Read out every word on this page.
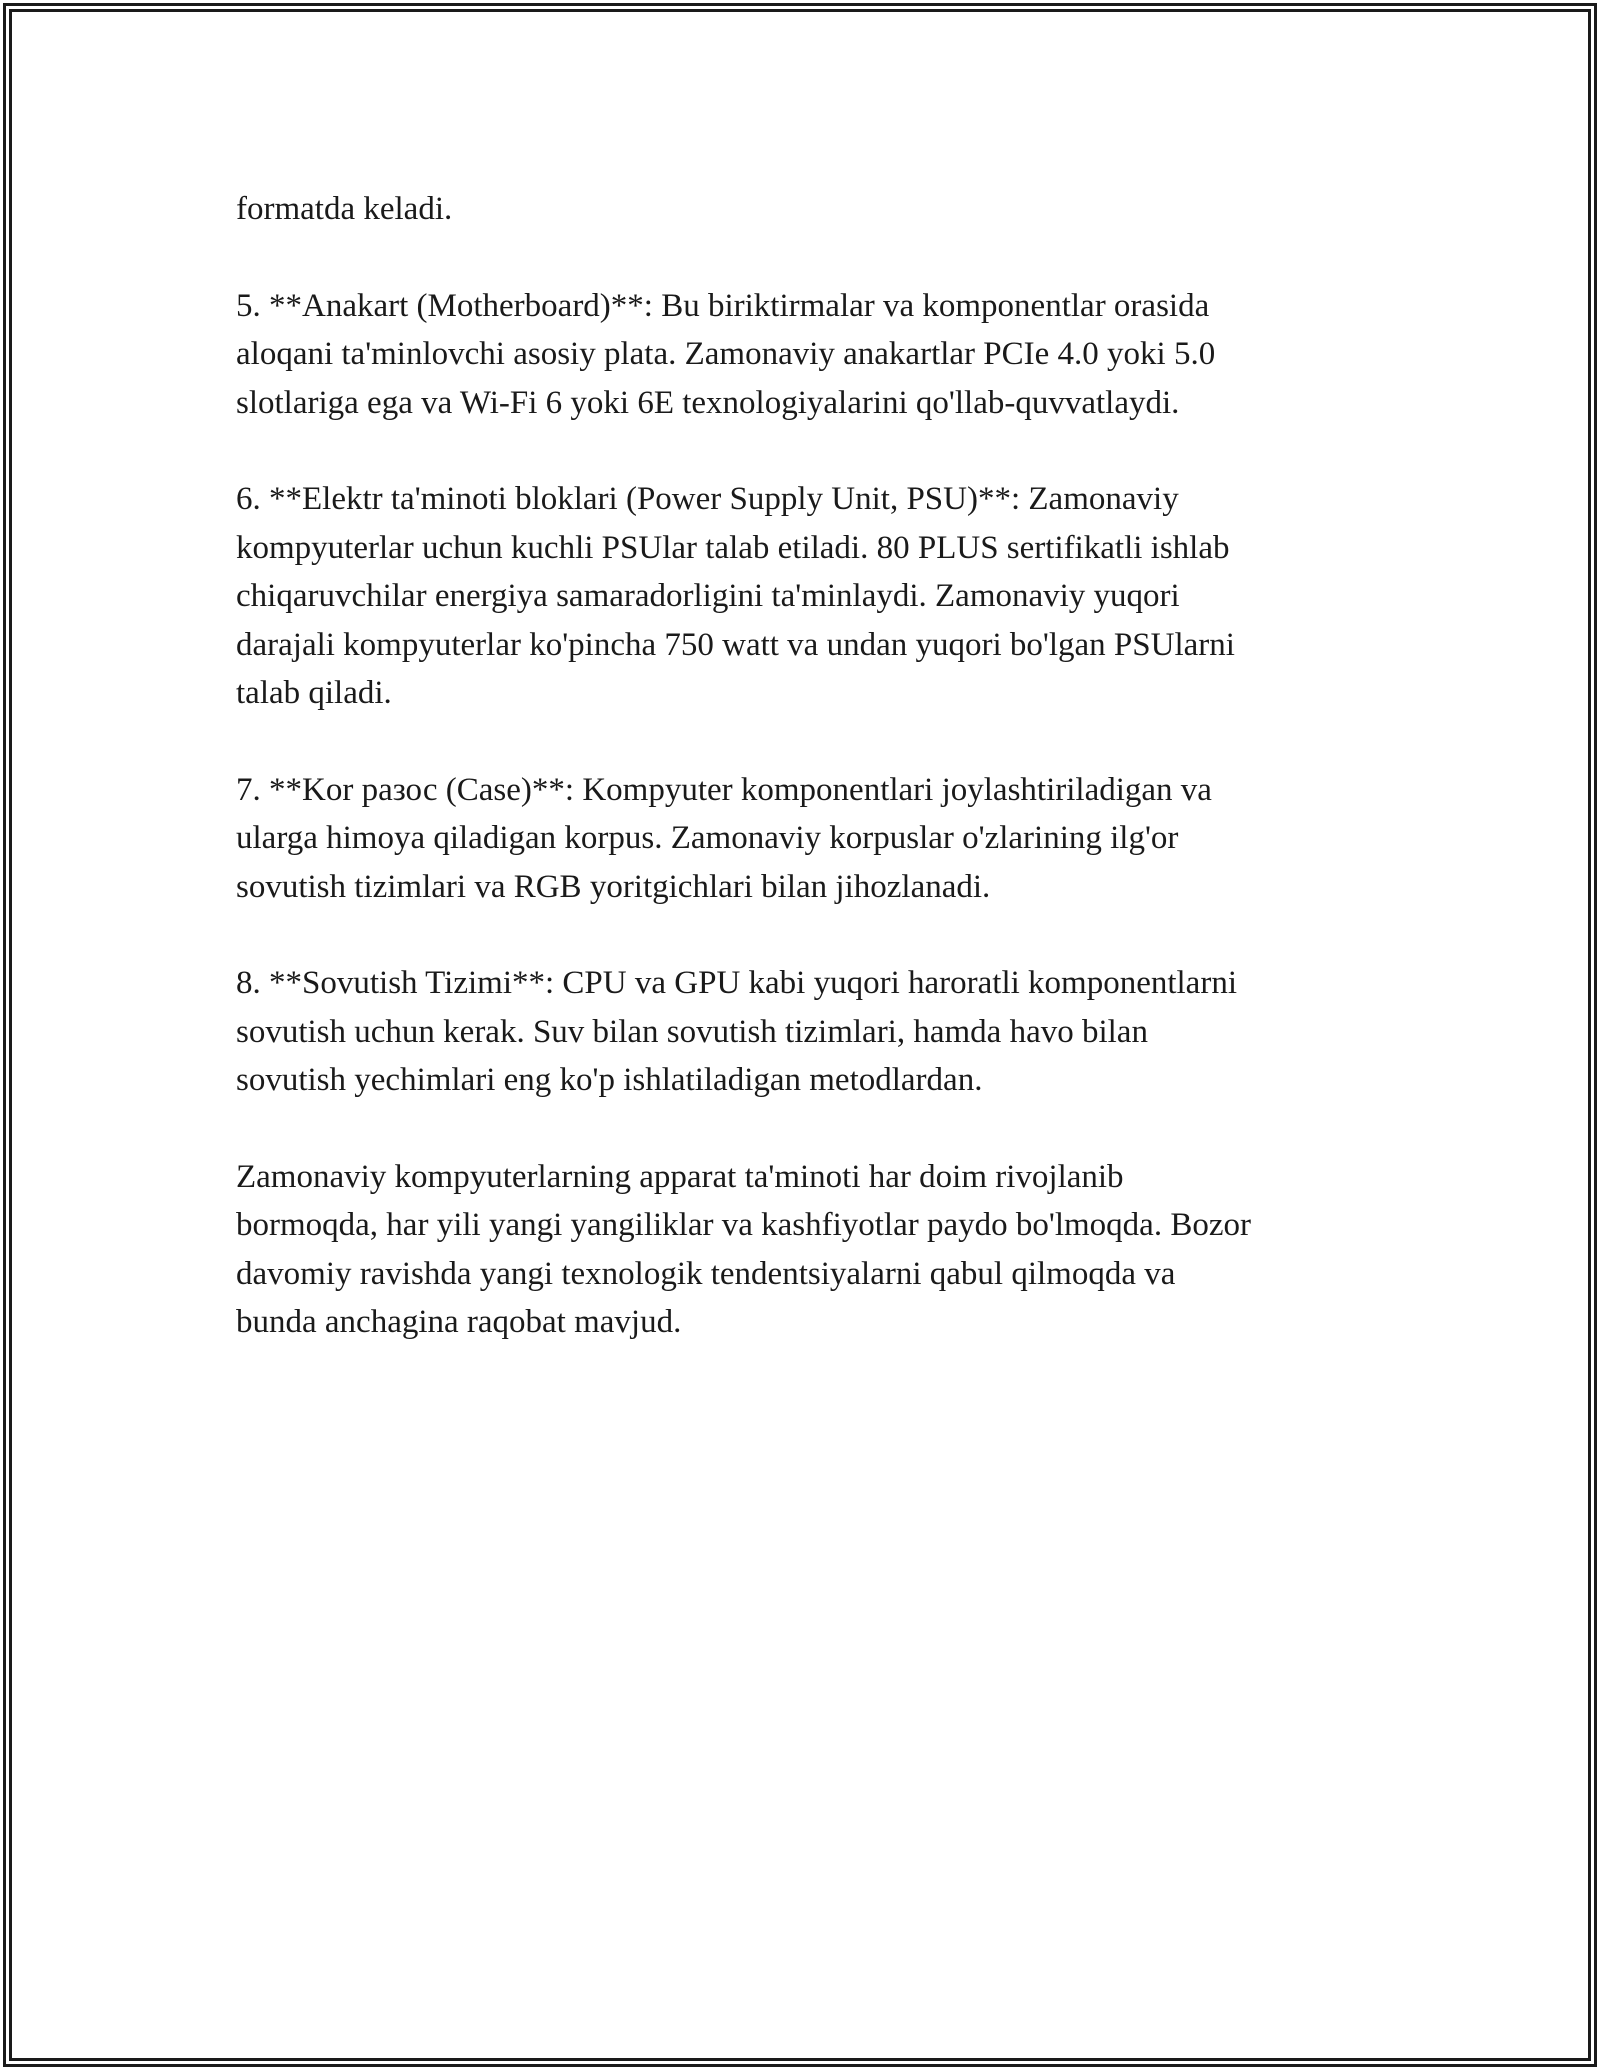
formatda keladi.

5. **Anakart (Motherboard)**: Bu biriktirmalar va komponentlar orasida
aloqani ta'minlovchi asosiy plata. Zamonaviy anakartlar PCIe 4.0 yoki 5.0
slotlariga ega va Wi-Fi 6 yoki 6E texnologiyalarini qo'llab-quvvatlaydi.

6. **Elektr ta'minoti bloklari (Power Supply Unit, PSU)**: Zamonaviy
kompyuterlar uchun kuchli PSUlar talab etiladi. 80 PLUS sertifikatli ishlab
chiqaruvchilar energiya samaradorligini ta'minlaydi. Zamonaviy yuqori
darajali kompyuterlar ko'pincha 750 watt va undan yuqori bo'lgan PSUlarni
talab qiladi.

7. **Kor pазос (Case)**: Kompyuter komponentlari joylashtiriladigan va
ularga himoya qiladigan korpus. Zamonaviy korpuslar o'zlarining ilg'or
sovutish tizimlari va RGB yoritgichlari bilan jihozlanadi.

8. **Sovutish Tizimi**: CPU va GPU kabi yuqori haroratli komponentlarni
sovutish uchun kerak. Suv bilan sovutish tizimlari, hamda havo bilan
sovutish yechimlari eng ko'p ishlatiladigan metodlardan.

Zamonaviy kompyuterlarning apparat ta'minoti har doim rivojlanib
bormoqda, har yili yangi yangiliklar va kashfiyotlar paydo bo'lmoqda. Bozor
davomiy ravishda yangi texnologik tendentsiyalarni qabul qilmoqda va
bunda anchagina raqobat mavjud.
